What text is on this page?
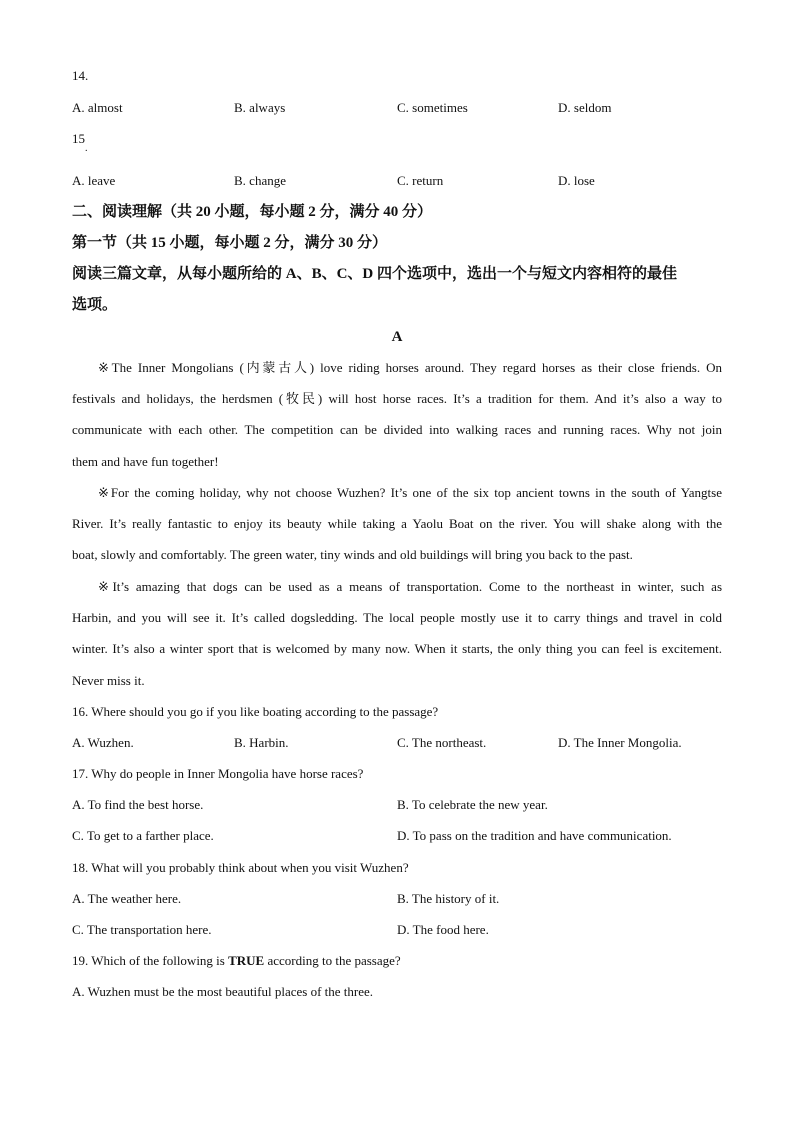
14.
A. almost	B. always	C. sometimes	D. seldom
15
.
A. leave	B. change	C. return	D. lose
二、阅读理解（共 20 小题，每小题 2 分，满分 40 分）
第一节（共 15 小题，每小题 2 分，满分 30 分）
阅读三篇文章，从每小题所给的 A、B、C、D 四个选项中，选出一个与短文内容相符的最佳
选项。
A
※The Inner Mongolians (内蒙古人) love riding horses around. They regard horses as their close friends. On
festivals and holidays, the herdsmen (牧民) will host horse races. It’s a tradition for them. And it’s also a way to
communicate with each other. The competition can be divided into walking races and running races. Why not join
them and have fun together!
※For the coming holiday, why not choose Wuzhen? It’s one of the six top ancient towns in the south of Yangtse
River. It’s really fantastic to enjoy its beauty while taking a Yaolu Boat on the river. You will shake along with the
boat, slowly and comfortably. The green water, tiny winds and old buildings will bring you back to the past.
※It’s amazing that dogs can be used as a means of transportation. Come to the northeast in winter, such as
Harbin, and you will see it. It’s called dogsledding. The local people mostly use it to carry things and travel in cold
winter. It’s also a winter sport that is welcomed by many now. When it starts, the only thing you can feel is excitement.
Never miss it.
16. Where should you go if you like boating according to the passage?
A. Wuzhen.	B. Harbin.	C. The northeast.	D. The Inner Mongolia.
17. Why do people in Inner Mongolia have horse races?
A. To find the best horse.	B. To celebrate the new year.
C. To get to a farther place.	D. To pass on the tradition and have communication.
18. What will you probably think about when you visit Wuzhen?
A. The weather here.	B. The history of it.
C. The transportation here.	D. The food here.
19. Which of the following is TRUE according to the passage?
A. Wuzhen must be the most beautiful places of the three.
